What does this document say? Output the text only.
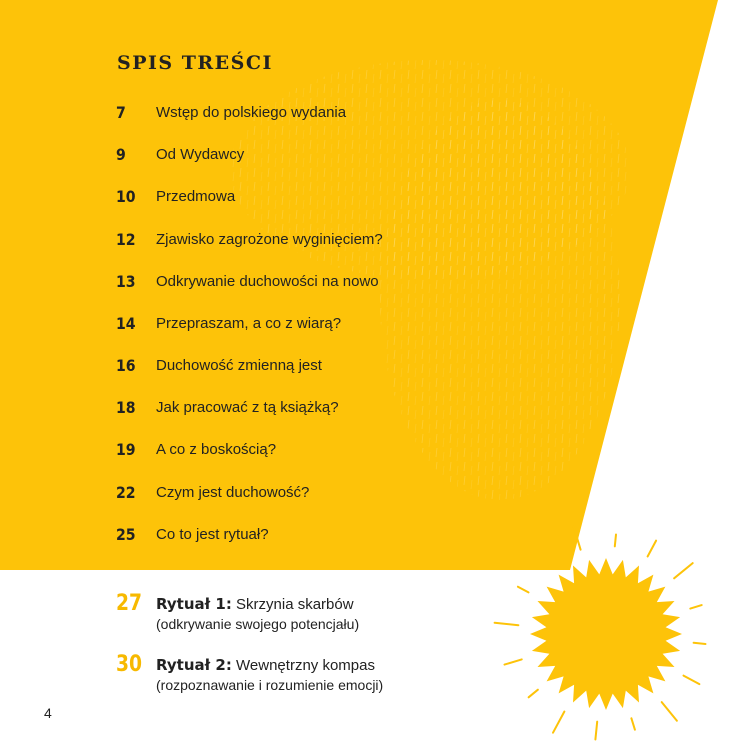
SPIS TREŚCI
7	Wstęp do polskiego wydania
9	Od Wydawcy
10	Przedmowa
12	Zjawisko zagrożone wyginięciem?
13	Odkrywanie duchowości na nowo
14	Przepraszam, a co z wiarą?
16	Duchowość zmienną jest
18	Jak pracować z tą książką?
19	A co z boskością?
22	Czym jest duchowość?
25	Co to jest rytuał?
27 Rytuał 1: Skrzynia skarbów
(odkrywanie swojego potencjału)
30 Rytuał 2: Wewnętrzny kompas
(rozpoznawanie i rozumienie emocji)
4
